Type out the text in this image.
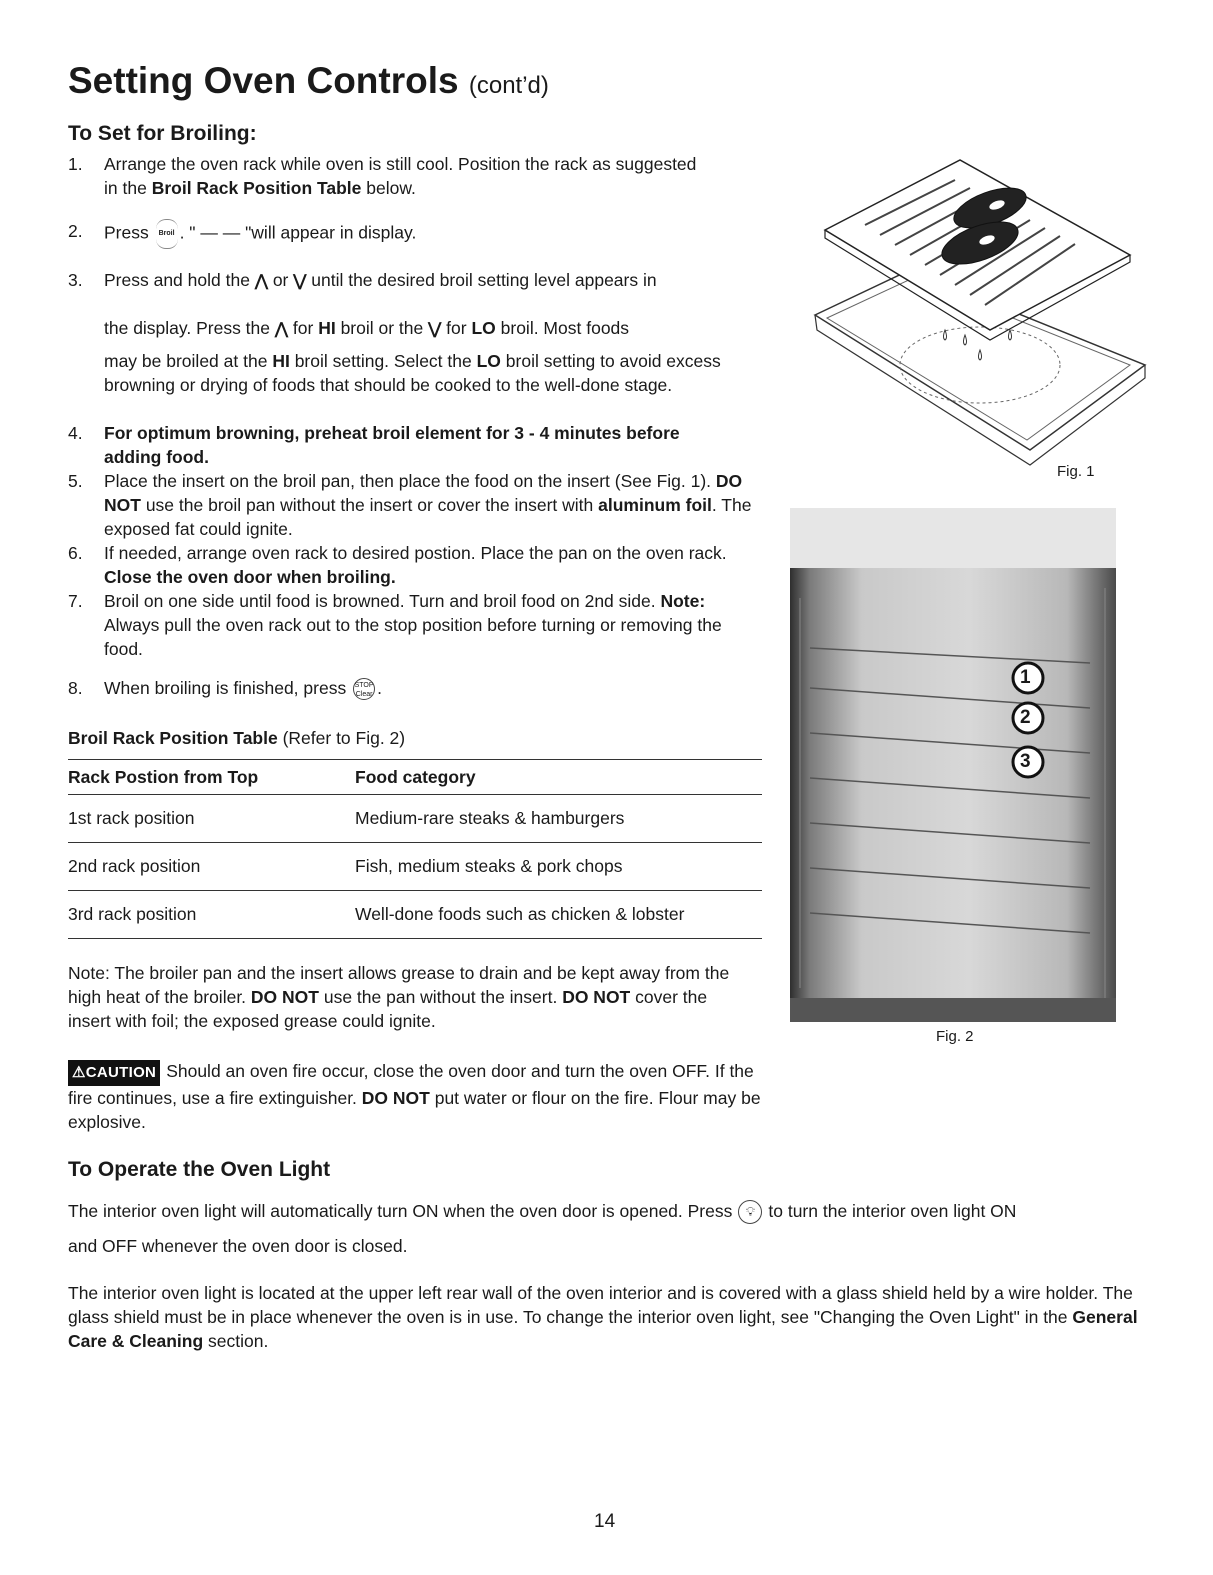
Setting Oven Controls (cont’d)
To Set for Broiling:
1. Arrange the oven rack while oven is still cool. Position the rack as suggested in the Broil Rack Position Table below.
2. Press Broil . " — — "will appear in display.
3. Press and hold the ⋀ or ⋁ until the desired broil setting level appears in
the display. Press the ⋀ for HI broil or the ⋁ for LO broil. Most foods
may be broiled at the HI broil setting. Select the LO broil setting to avoid excess browning or drying of foods that should be cooked to the well-done stage.
4. For optimum browning, preheat broil element for 3 - 4 minutes before adding food.
5. Place the insert on the broil pan, then place the food on the insert (See Fig. 1). DO NOT use the broil pan without the insert or cover the insert with aluminum foil. The exposed fat could ignite.
6. If needed, arrange oven rack to desired postion. Place the pan on the oven rack. Close the oven door when broiling.
7. Broil on one side until food is browned. Turn and broil food on 2nd side. Note: Always pull the oven rack out to the stop position before turning or removing the food.
8. When broiling is finished, press STOP
Clear .
Broil Rack Position Table (Refer to Fig. 2)
Rack Postion from Top	Food category
1st rack position	Medium-rare steaks & hamburgers
2nd rack position	Fish, medium steaks & pork chops
3rd rack position	Well-done foods such as chicken & lobster
Note: The broiler pan and the insert allows grease to drain and be kept away from the high heat of the broiler. DO NOT use the pan without the insert. DO NOT cover the insert with foil; the exposed grease could ignite.
⚠CAUTION Should an oven fire occur, close the oven door and turn the oven OFF. If the fire continues, use a fire extinguisher. DO NOT put water or flour on the fire. Flour may be explosive.
To Operate the Oven Light
The interior oven light will automatically turn ON when the oven door is opened. Press 💡︎ to turn the interior oven light ON
and OFF whenever the oven door is closed.
The interior oven light is located at the upper left rear wall of the oven interior and is covered with a glass shield held by a wire holder. The glass shield must be in place whenever the oven is in use. To change the interior oven light, see "Changing the Oven Light" in the General Care & Cleaning section.
Fig. 1
1
2
3
Fig. 2
14
